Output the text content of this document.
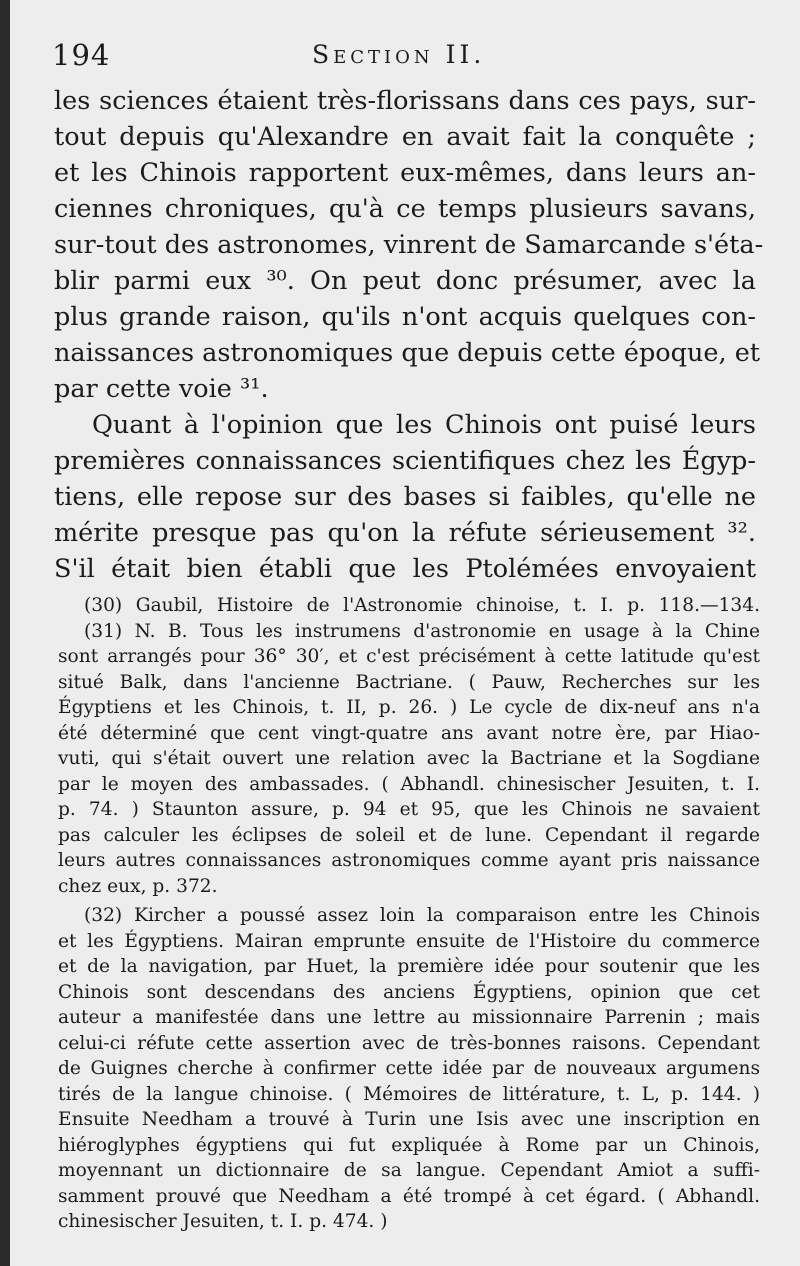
194	Section II.
les sciences étaient très-florissans dans ces pays, sur-
tout depuis qu'Alexandre en avait fait la conquête ;
et les Chinois rapportent eux-mêmes, dans leurs an-
ciennes chroniques, qu'à ce temps plusieurs savans,
sur-tout des astronomes, vinrent de Samarcande s'éta-
blir parmi eux ³⁰. On peut donc présumer, avec la
plus grande raison, qu'ils n'ont acquis quelques con-
naissances astronomiques que depuis cette époque, et
par cette voie ³¹.
Quant à l'opinion que les Chinois ont puisé leurs
premières connaissances scientifiques chez les Égyp-
tiens, elle repose sur des bases si faibles, qu'elle ne
mérite presque pas qu'on la réfute sérieusement ³².
S'il était bien établi que les Ptolémées envoyaient
(30) Gaubil, Histoire de l'Astronomie chinoise, t. I. p. 118.—134.
(31) N. B. Tous les instrumens d'astronomie en usage à la Chine
sont arrangés pour 36° 30′, et c'est précisément à cette latitude qu'est
situé Balk, dans l'ancienne Bactriane. ( Pauw, Recherches sur les
Égyptiens et les Chinois, t. II, p. 26. ) Le cycle de dix-neuf ans n'a
été déterminé que cent vingt-quatre ans avant notre ère, par Hiao-
vuti, qui s'était ouvert une relation avec la Bactriane et la Sogdiane
par le moyen des ambassades. ( Abhandl. chinesischer Jesuiten, t. I.
p. 74. ) Staunton assure, p. 94 et 95, que les Chinois ne savaient
pas calculer les éclipses de soleil et de lune. Cependant il regarde
leurs autres connaissances astronomiques comme ayant pris naissance
chez eux, p. 372.
(32) Kircher a poussé assez loin la comparaison entre les Chinois
et les Égyptiens. Mairan emprunte ensuite de l'Histoire du commerce
et de la navigation, par Huet, la première idée pour soutenir que les
Chinois sont descendans des anciens Égyptiens, opinion que cet
auteur a manifestée dans une lettre au missionnaire Parrenin ; mais
celui-ci réfute cette assertion avec de très-bonnes raisons. Cependant
de Guignes cherche à confirmer cette idée par de nouveaux argumens
tirés de la langue chinoise. ( Mémoires de littérature, t. L, p. 144. )
Ensuite Needham a trouvé à Turin une Isis avec une inscription en
hiéroglyphes égyptiens qui fut expliquée à Rome par un Chinois,
moyennant un dictionnaire de sa langue. Cependant Amiot a suffi-
samment prouvé que Needham a été trompé à cet égard. ( Abhandl.
chinesischer Jesuiten, t. I. p. 474. )
